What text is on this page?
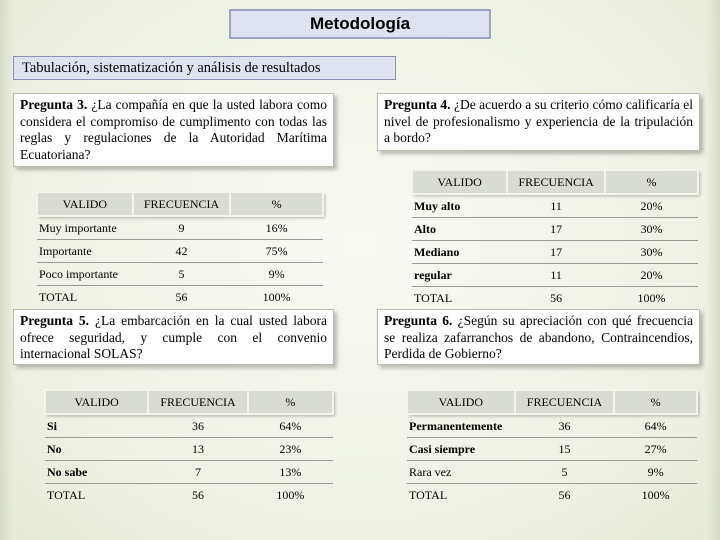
Metodología
Tabulación, sistematización y análisis de resultados
Pregunta 3. ¿La compañía en que la usted labora como considera el compromiso de cumplimento con todas las reglas y regulaciones de la Autoridad Marítima Ecuatoriana?
VALIDO	FRECUENCIA	%
Muy importante	9	16%
Importante	42	75%
Poco importante	5	9%
TOTAL	56	100%
Pregunta 4. ¿De acuerdo a su criterio cómo calificaría el nivel de profesionalismo y experiencia de la tripulación a bordo?
VALIDO	FRECUENCIA	%
Muy alto	11	20%
Alto	17	30%
Mediano	17	30%
regular	11	20%
TOTAL	56	100%
Pregunta 5. ¿La embarcación en la cual usted labora ofrece seguridad, y cumple con el convenio internacional SOLAS?
VALIDO	FRECUENCIA	%
Si	36	64%
No	13	23%
No sabe	7	13%
TOTAL	56	100%
Pregunta 6. ¿Según su apreciación con qué frecuencia se realiza zafarranchos de abandono, Contraincendios, Perdida de Gobierno?
VALIDO	FRECUENCIA	%
Permanentemente	36	64%
Casi siempre	15	27%
Rara vez	5	9%
TOTAL	56	100%
